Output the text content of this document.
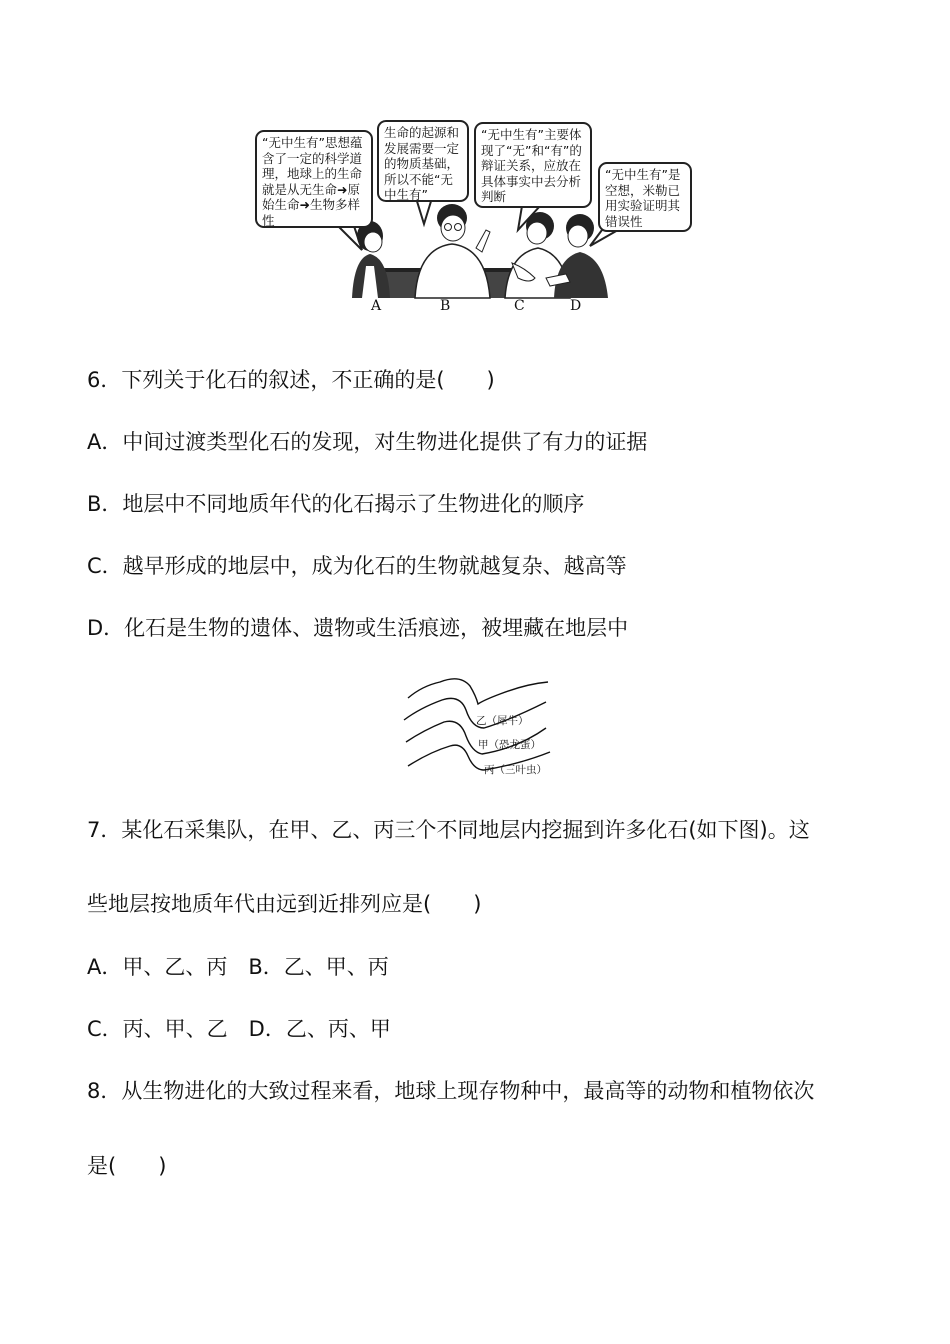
“无中生有”思想蕴含了一定的科学道理，地球上的生命就是从无生命➜原始生命➜生物多样性
生命的起源和发展需要一定的物质基础，所以不能“无中生有”
“无中生有”主要体现了“无”和“有”的辩证关系，应放在具体事实中去分析判断
“无中生有”是空想，米勒已用实验证明其错误性
A	B	C	D
6．下列关于化石的叙述，不正确的是(　　)
A．中间过渡类型化石的发现，对生物进化提供了有力的证据
B．地层中不同地质年代的化石揭示了生物进化的顺序
C．越早形成的地层中，成为化石的生物就越复杂、越高等
D．化石是生物的遗体、遗物或生活痕迹，被埋藏在地层中
乙（犀牛）
甲（恐龙蛋）
丙（三叶虫）
7．某化石采集队，在甲、乙、丙三个不同地层内挖掘到许多化石(如下图)。这
些地层按地质年代由远到近排列应是(　　)
A．甲、乙、丙　B．乙、甲、丙
C．丙、甲、乙　D．乙、丙、甲
8．从生物进化的大致过程来看，地球上现存物种中，最高等的动物和植物依次
是(　　)
